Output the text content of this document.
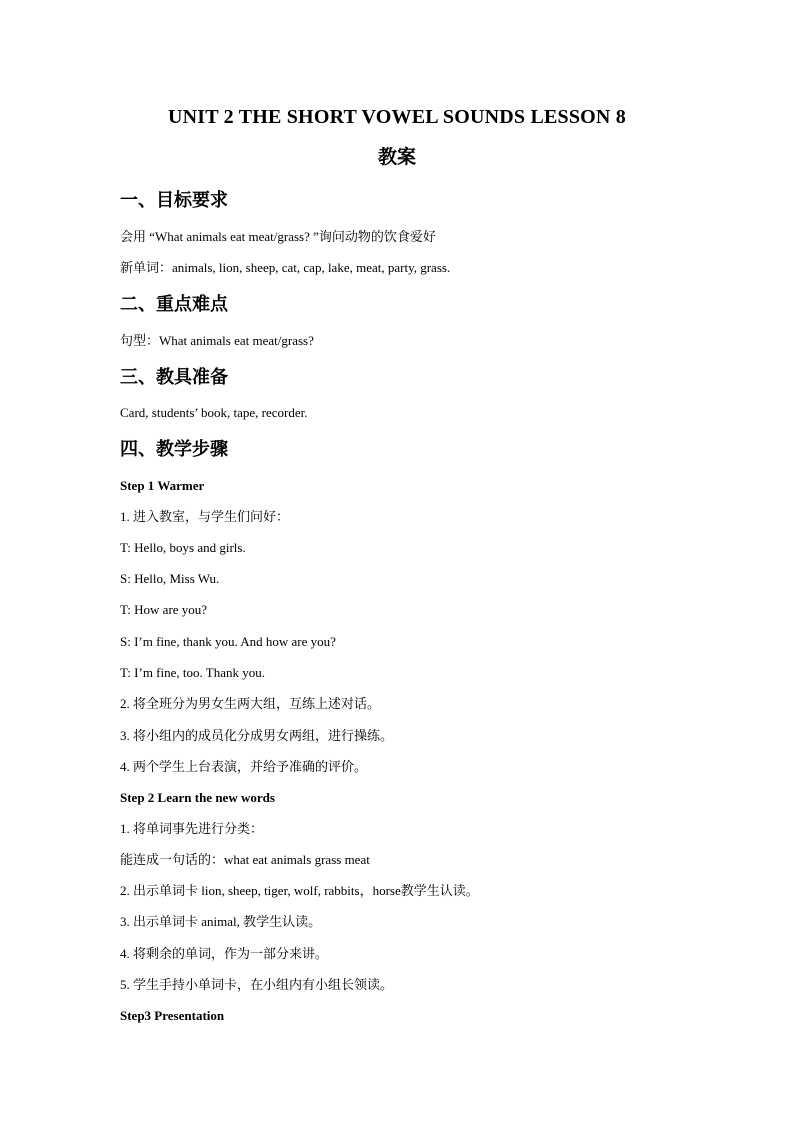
UNIT 2 THE SHORT VOWEL SOUNDS LESSON 8
教案
一、目标要求
会用 “What animals eat meat/grass? ”询问动物的饮食爱好
新单词：animals, lion, sheep, cat, cap, lake, meat, party, grass.
二、重点难点
句型：What animals eat meat/grass?
三、教具准备
Card, students’ book, tape, recorder.
四、教学步骤
Step 1 Warmer
1. 进入教室，与学生们问好：
T: Hello, boys and girls.
S: Hello, Miss Wu.
T: How are you?
S: I’m fine, thank you. And how are you?
T: I’m fine, too. Thank you.
2. 将全班分为男女生两大组，互练上述对话。
3. 将小组内的成员化分成男女两组，进行操练。
4. 两个学生上台表演，并给予准确的评价。
Step 2 Learn the new words
1. 将单词事先进行分类：
能连成一句话的：what eat animals grass meat
2. 出示单词卡 lion, sheep, tiger, wolf, rabbits，horse教学生认读。
3. 出示单词卡 animal, 教学生认读。
4. 将剩余的单词，作为一部分来讲。
5. 学生手持小单词卡，在小组内有小组长领读。
Step3 Presentation
